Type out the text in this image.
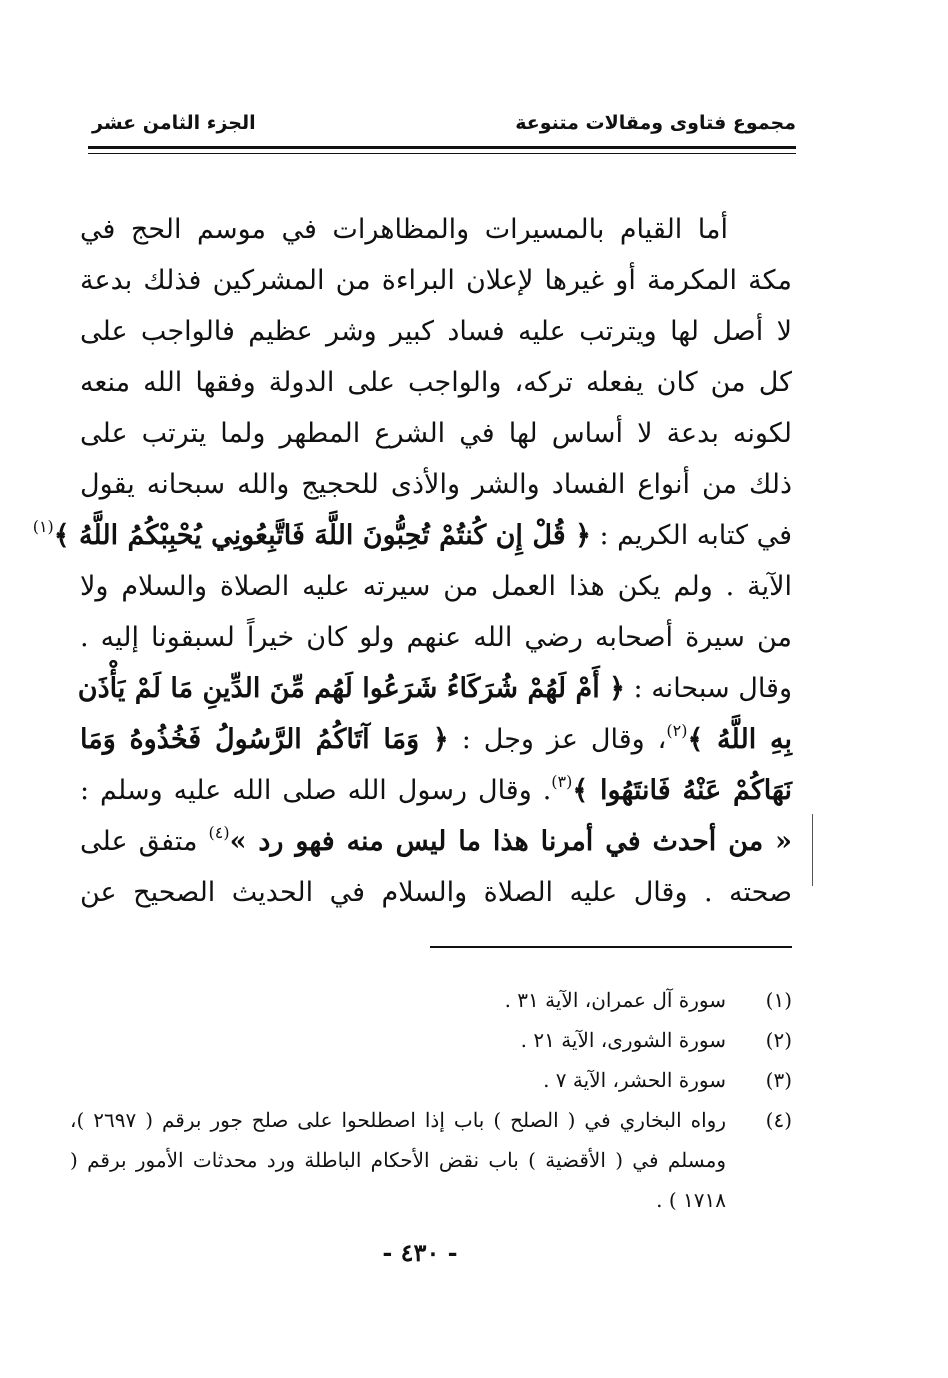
مجموع فتاوى ومقالات متنوعة
الجزء الثامن عشر
أما القيام بالمسيرات والمظاهرات في موسم الحج في
مكة المكرمة أو غيرها لإعلان البراءة من المشركين فذلك بدعة
لا أصل لها ويترتب عليه فساد كبير وشر عظيم فالواجب على
كل من كان يفعله تركه، والواجب على الدولة وفقها الله منعه
لكونه بدعة لا أساس لها في الشرع المطهر ولما يترتب على
ذلك من أنواع الفساد والشر والأذى للحجيج والله سبحانه يقول
في كتابه الكريم : ﴿ قُلْ إِن كُنتُمْ تُحِبُّونَ اللَّهَ فَاتَّبِعُونِي يُحْبِبْكُمُ اللَّهُ ﴾$^{(١)}$
الآية . ولم يكن هذا العمل من سيرته عليه الصلاة والسلام ولا
من سيرة أصحابه رضي الله عنهم ولو كان خيراً لسبقونا إليه .
وقال سبحانه : ﴿ أَمْ لَهُمْ شُرَكَاءُ شَرَعُوا لَهُم مِّنَ الدِّينِ مَا لَمْ يَأْذَن
بِهِ اللَّهُ ﴾$^{(٢)}$، وقال عز وجل : ﴿ وَمَا آتَاكُمُ الرَّسُولُ فَخُذُوهُ وَمَا
نَهَاكُمْ عَنْهُ فَانتَهُوا ﴾$^{(٣)}$. وقال رسول الله صلى الله عليه وسلم :
« من أحدث في أمرنا هذا ما ليس منه فهو رد »$^{(٤)}$ متفق على
صحته . وقال عليه الصلاة والسلام في الحديث الصحيح عن
(١)
سورة آل عمران، الآية ٣١ .
(٢)
سورة الشورى، الآية ٢١ .
(٣)
سورة الحشر، الآية ٧ .
(٤)
رواه البخاري في ( الصلح ) باب إذا اصطلحوا على صلح جور برقم ( ٢٦٩٧ )، ومسلم في ( الأقضية ) باب نقض الأحكام الباطلة ورد محدثات الأمور برقم ( ١٧١٨ ) .
- ٤٣٠ -
